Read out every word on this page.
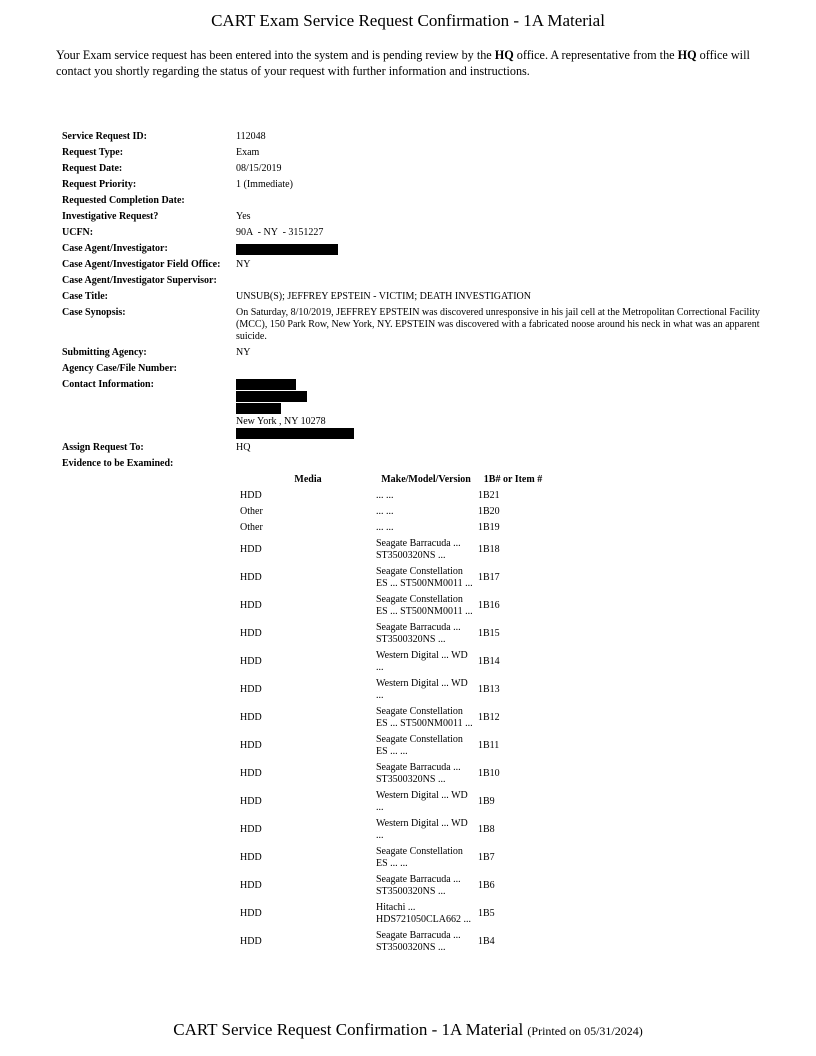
CART Exam Service Request Confirmation - 1A Material
Your Exam service request has been entered into the system and is pending review by the HQ office. A representative from the HQ office will contact you shortly regarding the status of your request with further information and instructions.
Service Request ID:	112048
Request Type:	Exam
Request Date:	08/15/2019
Request Priority:	1 (Immediate)
Requested Completion Date:
Investigative Request?	Yes
UCFN:	90A  - NY  - 3151227
Case Agent/Investigator:
Case Agent/Investigator Field Office:	NY
Case Agent/Investigator Supervisor:
Case Title:	UNSUB(S); JEFFREY EPSTEIN - VICTIM; DEATH INVESTIGATION
Case Synopsis:	On Saturday, 8/10/2019, JEFFREY EPSTEIN was discovered unresponsive in his jail cell at the Metropolitan Correctional Facility (MCC), 150 Park Row, New York, NY. EPSTEIN was discovered with a fabricated noose around his neck in what was an apparent suicide.
Submitting Agency:	NY
Agency Case/File Number:
Contact Information:
New York , NY 10278
Assign Request To:	HQ
Evidence to be Examined:
Media	Make/Model/Version	1B# or Item #
HDD	... ...	1B21
Other	... ...	1B20
Other	... ...	1B19
HDD	Seagate Barracuda ... ST3500320NS ...	1B18
HDD	Seagate Constellation ES ... ST500NM0011 ...	1B17
HDD	Seagate Constellation ES ... ST500NM0011 ...	1B16
HDD	Seagate Barracuda ... ST3500320NS ...	1B15
HDD	Western Digital ... WD ...	1B14
HDD	Western Digital ... WD ...	1B13
HDD	Seagate Constellation ES ... ST500NM0011 ...	1B12
HDD	Seagate Constellation ES ... ...	1B11
HDD	Seagate Barracuda ... ST3500320NS ...	1B10
HDD	Western Digital ... WD ...	1B9
HDD	Western Digital ... WD ...	1B8
HDD	Seagate Constellation ES ... ...	1B7
HDD	Seagate Barracuda ... ST3500320NS ...	1B6
HDD	Hitachi ... HDS721050CLA662 ...	1B5
HDD	Seagate Barracuda ... ST3500320NS ...	1B4
CART Service Request Confirmation - 1A Material (Printed on 05/31/2024)
